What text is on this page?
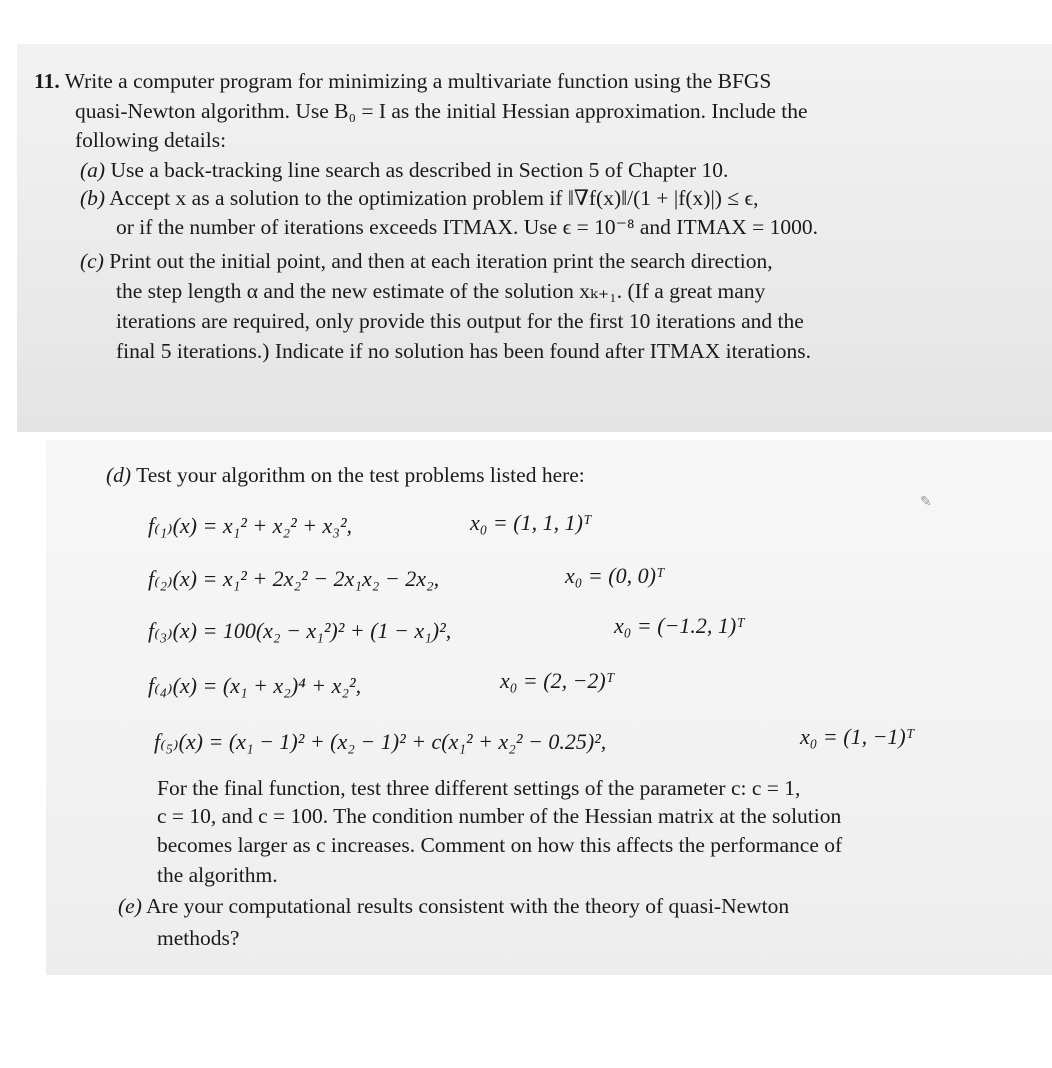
✎
11. Write a computer program for minimizing a multivariate function using the BFGS
quasi-Newton algorithm. Use B₀ = I as the initial Hessian approximation. Include the
following details:
(a) Use a back-tracking line search as described in Section 5 of Chapter 10.
(b) Accept x as a solution to the optimization problem if ‖∇f(x)‖/(1 + |f(x)|) ≤ ϵ,
or if the number of iterations exceeds ITMAX. Use ϵ = 10⁻⁸ and ITMAX = 1000.
(c) Print out the initial point, and then at each iteration print the search direction,
the step length α and the new estimate of the solution xₖ₊₁. (If a great many
iterations are required, only provide this output for the first 10 iterations and the
final 5 iterations.) Indicate if no solution has been found after ITMAX iterations.
(d) Test your algorithm on the test problems listed here:
f₍₁₎(x) = x₁² + x₂² + x₃²,	x₀ = (1, 1, 1)ᵀ
f₍₂₎(x) = x₁² + 2x₂² − 2x₁x₂ − 2x₂,	x₀ = (0, 0)ᵀ
f₍₃₎(x) = 100(x₂ − x₁²)² + (1 − x₁)²,	x₀ = (−1.2, 1)ᵀ
f₍₄₎(x) = (x₁ + x₂)⁴ + x₂²,	x₀ = (2, −2)ᵀ
f₍₅₎(x) = (x₁ − 1)² + (x₂ − 1)² + c(x₁² + x₂² − 0.25)²,	x₀ = (1, −1)ᵀ
For the final function, test three different settings of the parameter c: c = 1,
c = 10, and c = 100. The condition number of the Hessian matrix at the solution
becomes larger as c increases. Comment on how this affects the performance of
the algorithm.
(e) Are your computational results consistent with the theory of quasi-Newton
methods?
